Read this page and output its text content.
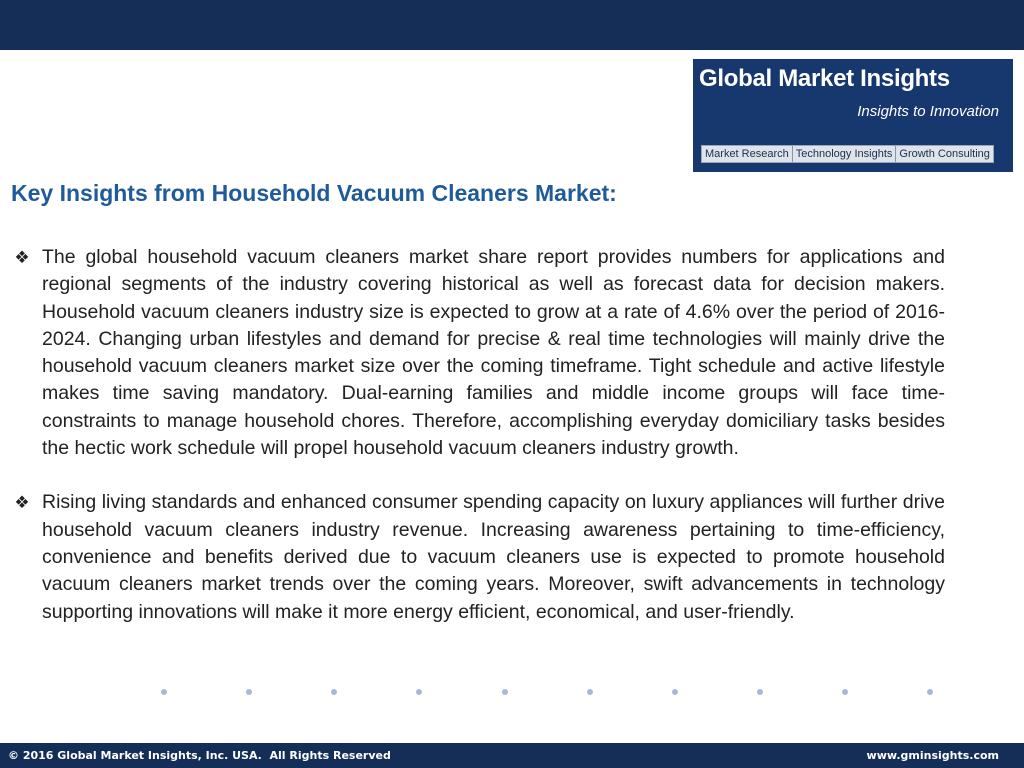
Global Market Insights
Insights to Innovation
Market Research Technology Insights Growth Consulting
Key Insights from Household Vacuum Cleaners Market:
❖ The global household vacuum cleaners market share report provides numbers for applications and regional segments of the industry covering historical as well as forecast data for decision makers. Household vacuum cleaners industry size is expected to grow at a rate of 4.6% over the period of 2016-2024. Changing urban lifestyles and demand for precise & real time technologies will mainly drive the household vacuum cleaners market size over the coming timeframe. Tight schedule and active lifestyle makes time saving mandatory. Dual-earning families and middle income groups will face time-constraints to manage household chores. Therefore, accomplishing everyday domiciliary tasks besides the hectic work schedule will propel household vacuum cleaners industry growth.
❖ Rising living standards and enhanced consumer spending capacity on luxury appliances will further drive household vacuum cleaners industry revenue. Increasing awareness pertaining to time-efficiency, convenience and benefits derived due to vacuum cleaners use is expected to promote household vacuum cleaners market trends over the coming years. Moreover, swift advancements in technology supporting innovations will make it more energy efficient, economical, and user-friendly.
© 2016 Global Market Insights, Inc. USA.  All Rights Reserved	www.gminsights.com
